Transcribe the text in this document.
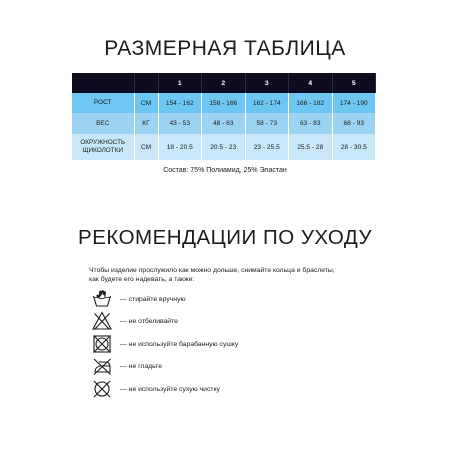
РАЗМЕРНАЯ ТАБЛИЦА
		1	2	3	4	5
РОСТ	СМ	154 - 162	158 - 166	162 - 174	166 - 182	174 - 190
ВЕС	КГ	43 - 53	48 - 63	58 - 73	63 - 83	68 - 93

ОКРУЖНОСТЬ
ЩИКОЛОТКИ	СМ	18 - 20.5	20.5 - 23	23 - 25.5	25.5 - 28	28 - 30.5
Состав: 75% Полиамид, 25% Эластан
РЕКОМЕНДАЦИИ ПО УХОДУ
Чтобы изделие прослужило как можно дольше, снимайте кольца и браслеты,
как будете его надевать, а также:
— стирайте вручную
— не отбеливайте
— не используйте барабанную сушку
— не гладьте
— не используйте сухую чистку
